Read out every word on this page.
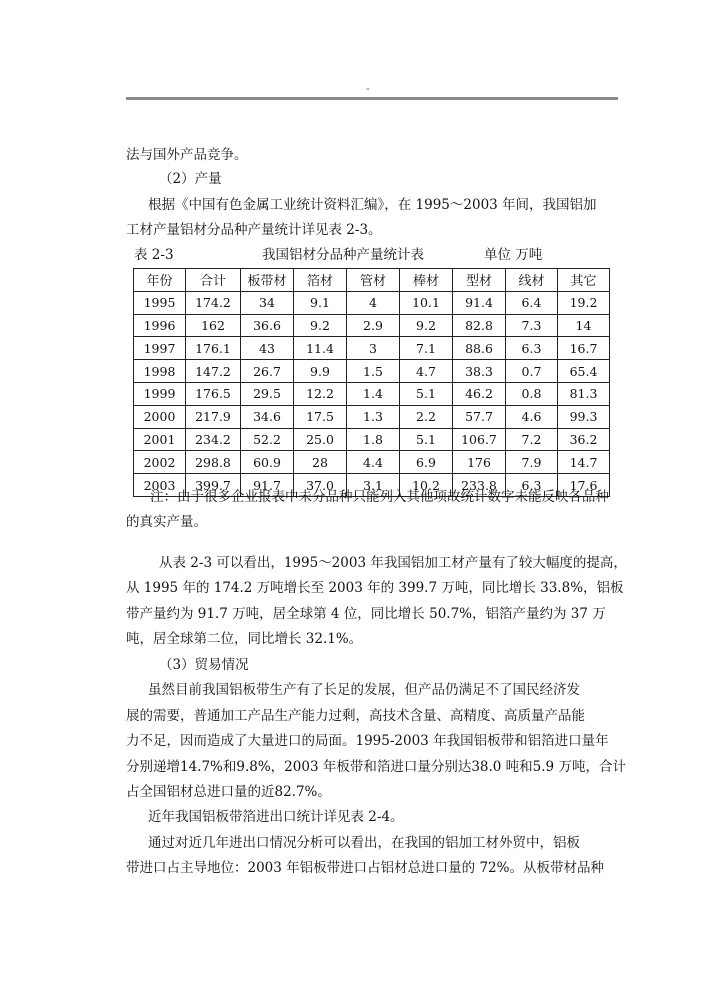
-
法与国外产品竞争。
（2）产量
根据《中国有色金属工业统计资料汇编》，在 1995～2003 年间，我国铝加
工材产量铝材分品种产量统计详见表 2-3。
表 2-3	我国铝材分品种产量统计表	单位 万吨
年份	合计	板带材	箔材	管材	棒材	型材	线材	其它
1995	174.2	34	9.1	4	10.1	91.4	6.4	19.2
1996	162	36.6	9.2	2.9	9.2	82.8	7.3	14
1997	176.1	43	11.4	3	7.1	88.6	6.3	16.7
1998	147.2	26.7	9.9	1.5	4.7	38.3	0.7	65.4
1999	176.5	29.5	12.2	1.4	5.1	46.2	0.8	81.3
2000	217.9	34.6	17.5	1.3	2.2	57.7	4.6	99.3
2001	234.2	52.2	25.0	1.8	5.1	106.7	7.2	36.2
2002	298.8	60.9	28	4.4	6.9	176	7.9	14.7
2003	399.7	91.7	37.0	3.1	10.2	233.8	6.3	17.6
注：由于很多企业报表中未分品种只能列入其他项故统计数字未能反映各品种
的真实产量。
从表 2-3 可以看出，1995～2003 年我国铝加工材产量有了较大幅度的提高，
从 1995 年的 174.2 万吨增长至 2003 年的 399.7 万吨，同比增长 33.8%，铝板
带产量约为 91.7 万吨，居全球第 4 位，同比增长 50.7%，铝箔产量约为 37 万
吨，居全球第二位，同比增长 32.1%。
（3）贸易情况
虽然目前我国铝板带生产有了长足的发展，但产品仍满足不了国民经济发
展的需要，普通加工产品生产能力过剩，高技术含量、高精度、高质量产品能
力不足，因而造成了大量进口的局面。1995-2003 年我国铝板带和铝箔进口量年
分别递增14.7%和9.8%，2003 年板带和箔进口量分别达38.0 吨和5.9 万吨，合计
占全国铝材总进口量的近82.7%。
近年我国铝板带箔进出口统计详见表 2-4。
通过对近几年进出口情况分析可以看出，在我国的铝加工材外贸中，铝板
带进口占主导地位：2003 年铝板带进口占铝材总进口量的 72%。从板带材品种
